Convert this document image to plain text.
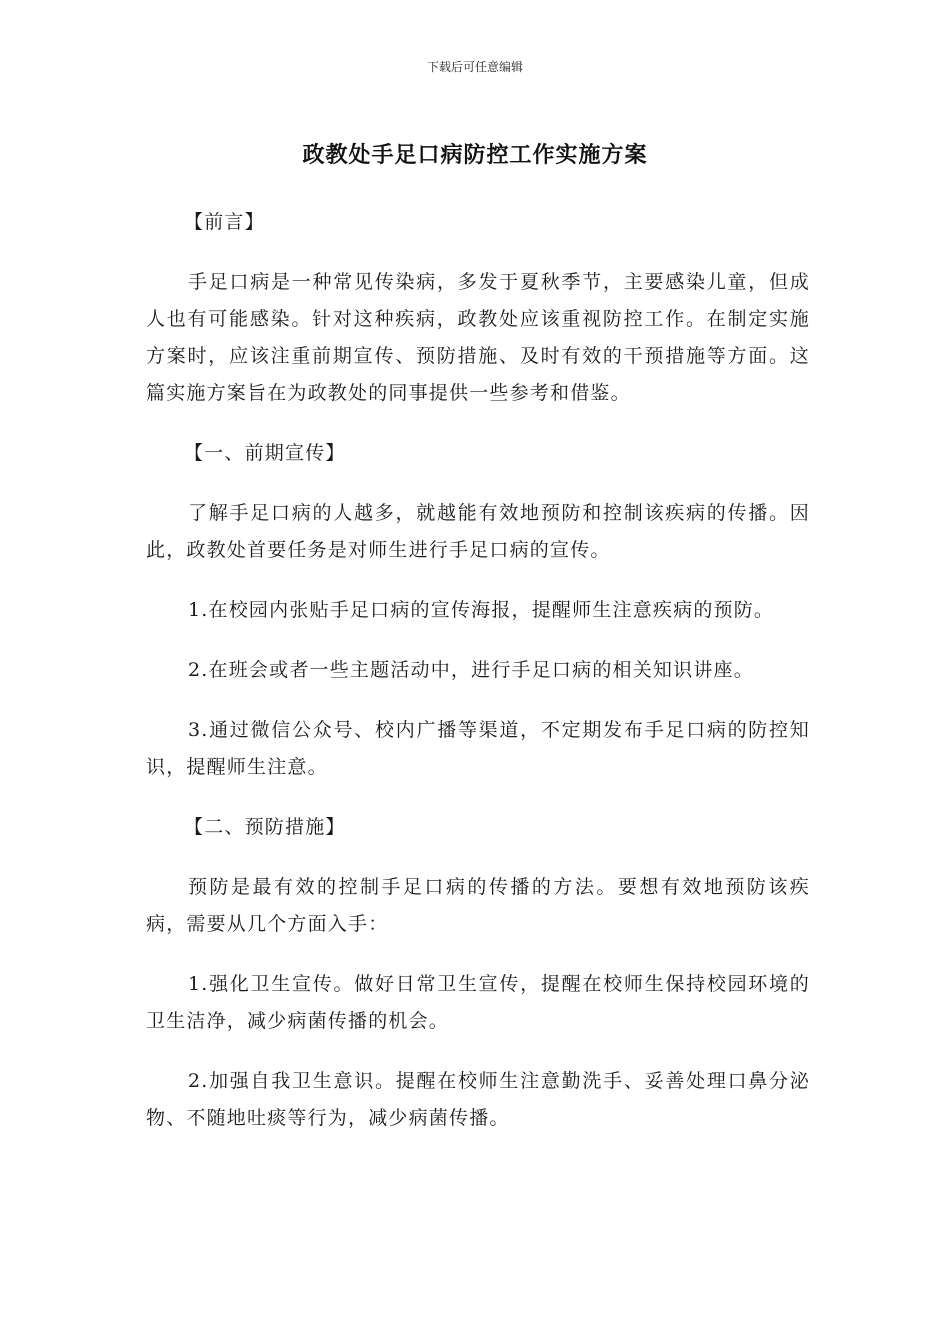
下载后可任意编辑
政教处手足口病防控工作实施方案

【前言】

手足口病是一种常见传染病，多发于夏秋季节，主要感染儿童，但成人也有可能感染。针对这种疾病，政教处应该重视防控工作。在制定实施方案时，应该注重前期宣传、预防措施、及时有效的干预措施等方面。这篇实施方案旨在为政教处的同事提供一些参考和借鉴。

【一、前期宣传】

了解手足口病的人越多，就越能有效地预防和控制该疾病的传播。因此，政教处首要任务是对师生进行手足口病的宣传。

1.在校园内张贴手足口病的宣传海报，提醒师生注意疾病的预防。

2.在班会或者一些主题活动中，进行手足口病的相关知识讲座。

3.通过微信公众号、校内广播等渠道，不定期发布手足口病的防控知识，提醒师生注意。

【二、预防措施】

预防是最有效的控制手足口病的传播的方法。要想有效地预防该疾病，需要从几个方面入手：

1.强化卫生宣传。做好日常卫生宣传，提醒在校师生保持校园环境的卫生洁净，减少病菌传播的机会。

2.加强自我卫生意识。提醒在校师生注意勤洗手、妥善处理口鼻分泌物、不随地吐痰等行为，减少病菌传播。
